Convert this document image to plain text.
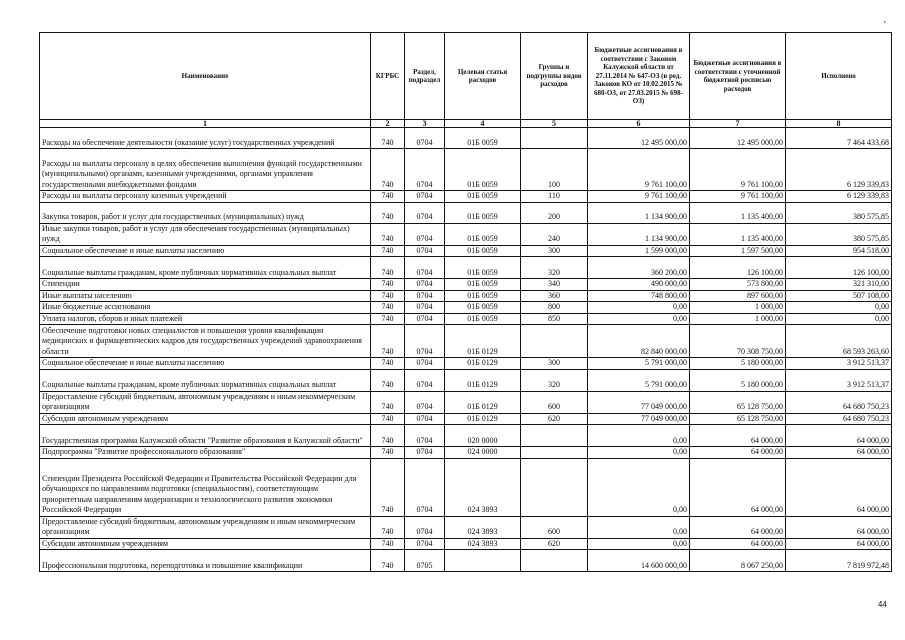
'
Наименование	КГРБС	Раздел, подраздел	Целевая статья расходов	Группы и подгруппы видов расходов	Бюджетные ассигнования в соответствии с Законом Калужской области от 27.11.2014 № 647-ОЗ (в ред. Законов КО от 10.02.2015 № 680-ОЗ, от 27.03.2015 № 698-ОЗ)	Бюджетные ассигнования в соответствии с уточненной бюджетной росписью расходов	Исполнено
1	2	3	4	5	6	7	8
Расходы на обеспечение деятельности (оказание услуг) государственных учреждений	740	0704	01Б 0059		12 495 000,00	12 495 000,00	7 464 433,68
Расходы на выплаты персоналу в целях обеспечения выполнения функций государственными (муниципальными) органами, казенными учреждениями, органами управления государственными внебюджетными фондами	740	0704	01Б 0059	100	9 761 100,00	9 761 100,00	6 129 339,83
Расходы на выплаты персоналу казенных учреждений	740	0704	01Б 0059	110	9 761 100,00	9 761 100,00	6 129 339,83
Закупка товаров, работ и услуг для государственных (муниципальных) нужд	740	0704	01Б 0059	200	1 134 900,00	1 135 400,00	380 575,85
Иные закупки товаров, работ и услуг для обеспечения государственных (муниципальных) нужд	740	0704	01Б 0059	240	1 134 900,00	1 135 400,00	380 575,85
Социальное обеспечение и иные выплаты населению	740	0704	01Б 0059	300	1 599 000,00	1 597 500,00	954 518,00
Социальные выплаты гражданам, кроме публичных нормативных социальных выплат	740	0704	01Б 0059	320	360 200,00	126 100,00	126 100,00
Стипендии	740	0704	01Б 0059	340	490 000,00	573 800,00	321 310,00
Иные выплаты населению	740	0704	01Б 0059	360	748 800,00	897 600,00	507 108,00
Иные бюджетные ассигнования	740	0704	01Б 0059	800	0,00	1 000,00	0,00
Уплата налогов, сборов и иных платежей	740	0704	01Б 0059	850	0,00	1 000,00	0,00
Обеспечение подготовки новых специалистов и повышения уровня квалификации медицинских и фармацевтических кадров для государственных учреждений здравоохранения области	740	0704	01Б 0129		82 840 000,00	70 308 750,00	68 593 263,60
Социальное обеспечение и иные выплаты населению	740	0704	01Б 0129	300	5 791 000,00	5 180 000,00	3 912 513,37
Социальные выплаты гражданам, кроме публичных нормативных социальных выплат	740	0704	01Б 0129	320	5 791 000,00	5 180 000,00	3 912 513,37
Предоставление субсидий бюджетным, автономным учреждениям и иным некоммерческим организациям	740	0704	01Б 0129	600	77 049 000,00	65 128 750,00	64 680 750,23
Субсидии автономным учреждениям	740	0704	01Б 0129	620	77 049 000,00	65 128 750,00	64 680 750,23
Государственная программа Калужской области "Развитие образования в Калужской области"	740	0704	020 0000		0,00	64 000,00	64 000,00
Подпрограмма "Развитие профессионального образования"	740	0704	024 0000		0,00	64 000,00	64 000,00
Стипендии Президента Российской Федерации и Правительства Российской Федерации для обучающихся по направлениям подготовки (специальностям), соответствующим приоритетным направлениям модернизации и технологического развития экономики Российской Федерации	740	0704	024 3893		0,00	64 000,00	64 000,00
Предоставление субсидий бюджетным, автономным учреждениям и иным некоммерческим организациям	740	0704	024 3893	600	0,00	64 000,00	64 000,00
Субсидии автономным учреждениям	740	0704	024 3893	620	0,00	64 000,00	64 000,00
Профессиональная подготовка, переподготовка и повышение квалификации	740	0705			14 600 000,00	8 067 250,00	7 819 972,48
44
